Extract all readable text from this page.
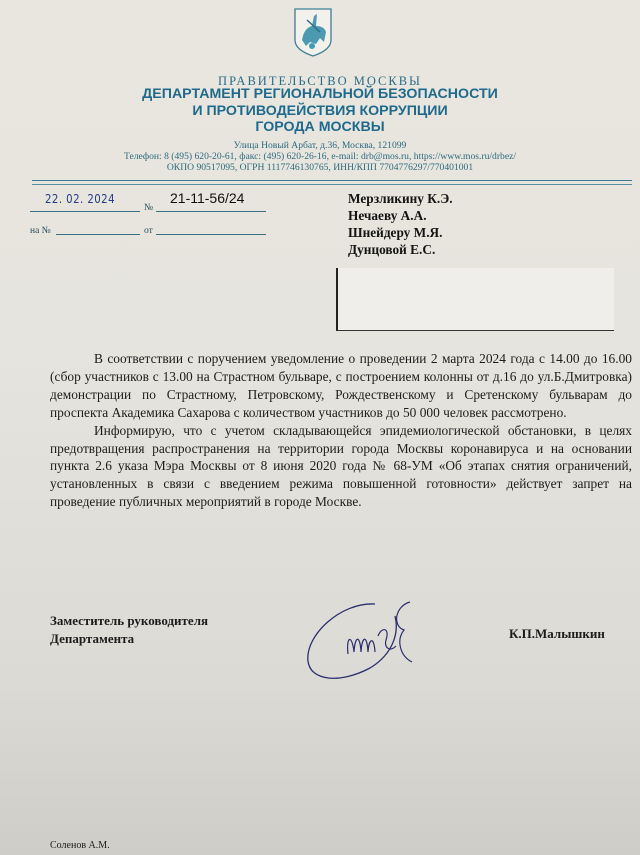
ПРАВИТЕЛЬСТВО МОСКВЫ
ДЕПАРТАМЕНТ РЕГИОНАЛЬНОЙ БЕЗОПАСНОСТИ
И ПРОТИВОДЕЙСТВИЯ КОРРУПЦИИ
ГОРОДА МОСКВЫ
Улица Новый Арбат, д.36, Москва, 121099
Телефон: 8 (495) 620-20-61, факс: (495) 620-26-16, e-mail: drb@mos.ru, https://www.mos.ru/drbez/
ОКПО 90517095, ОГРН 1117746130765, ИНН/КПП 7704776297/770401001
22. 02. 2024
№
21-11-56/24
на №	от
Мерзликину К.Э.
Нечаеву А.А.
Шнейдеру М.Я.
Дунцовой Е.С.

В соответствии с поручением уведомление о проведении 2 марта 2024 года с 14.00 до 16.00 (сбор участников с 13.00 на Страстном бульваре, с построением колонны от д.16 до ул.Б.Дмитровка) демонстрации по Страстному, Петровскому, Рождественскому и Сретенскому бульварам до проспекта Академика Сахарова с количеством участников до 50 000 человек рассмотрено.

Информирую, что с учетом складывающейся эпидемиологической обстановки, в целях предотвращения распространения на территории города Москвы коронавируса и на основании пункта 2.6 указа Мэра Москвы от 8 июня 2020 года № 68-УМ «Об этапах снятия ограничений, установленных в связи с введением режима повышенной готовности» действует запрет на проведение публичных мероприятий в городе Москве.

Заместитель руководителя
Департамента	К.П.Малышкин
Соленов А.М.
